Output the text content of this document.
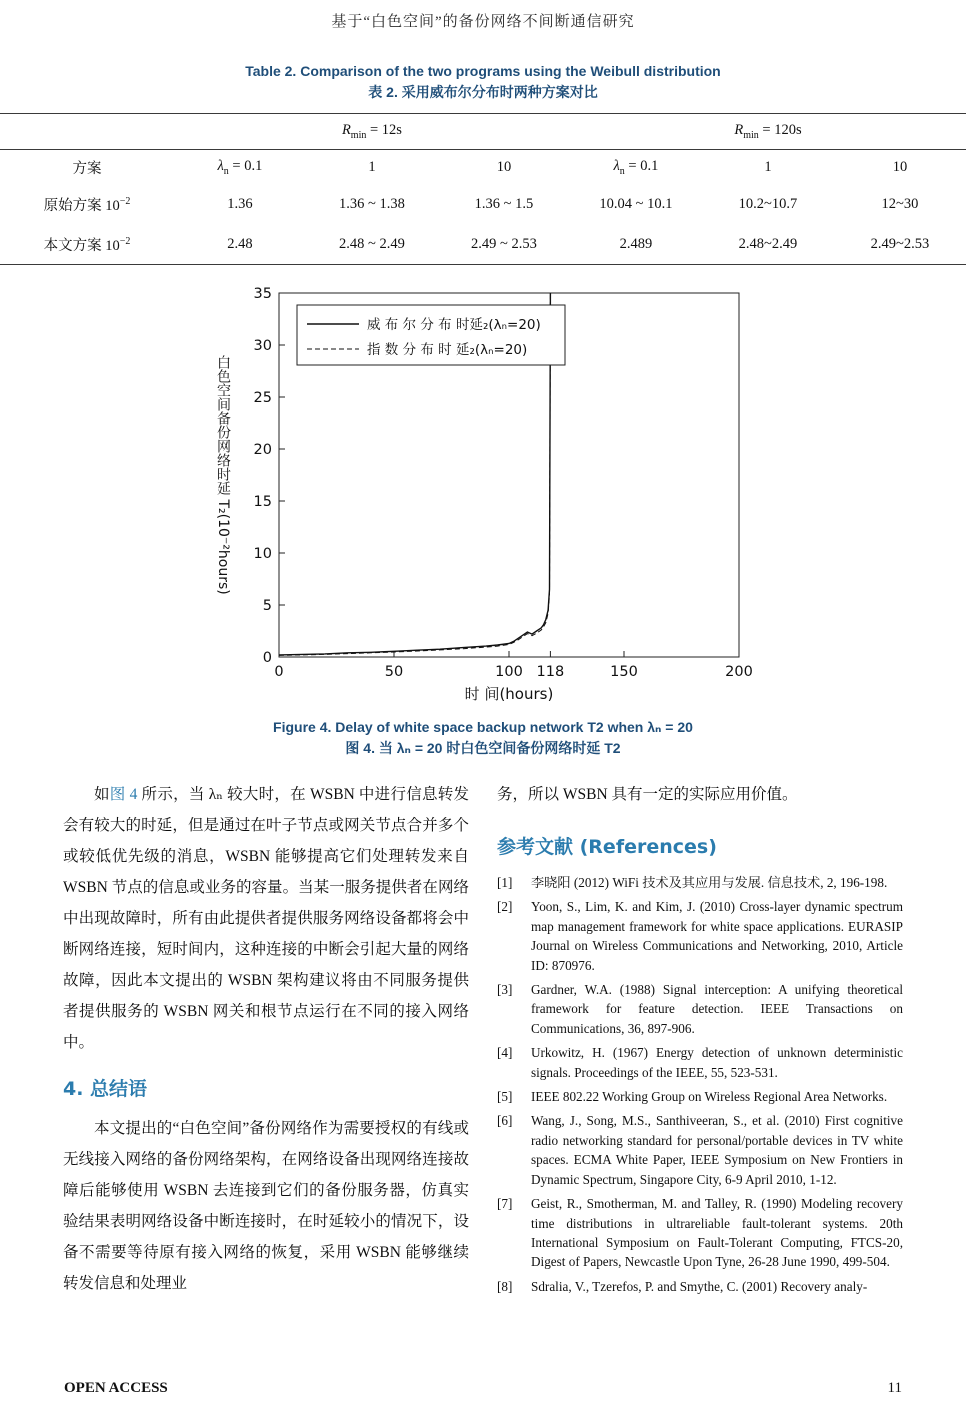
基于“白色空间”的备份网络不间断通信研究
Table 2. Comparison of the two programs using the Weibull distribution
表 2. 采用威布尔分布时两种方案对比
	$R_{min} = 12s$			$R_{min} = 120s$		
方案	$\lambda_n = 0.1$	1	10	$\lambda_n = 0.1$	1	10
原始方案 $10^{-2}$	1.36	1.36 ~ 1.38	1.36 ~ 1.5	10.04 ~ 10.1	10.2~10.7	12~30
本文方案 $10^{-2}$	2.48	2.48 ~ 2.49	2.49 ~ 2.53	2.489	2.48~2.49	2.49~2.53
白色空间备份网络时延 T₂(10⁻²hours)
0
5
10
15
20
25
30
35
0	50	100 118	150	200
时 间(hours)
威 布 尔 分 布 时延₂(λₙ=20)
指 数 分 布 时 延₂(λₙ=20)
Figure 4. Delay of white space backup network T2 when λₙ = 20
图 4. 当 λₙ = 20 时白色空间备份网络时延 T2

如图 4 所示，当 λₙ 较大时，在 WSBN 中进行信息转发会有较大的时延，但是通过在叶子节点或网关节点合并多个或较低优先级的消息，WSBN 能够提高它们处理转发来自 WSBN 节点的信息或业务的容量。当某一服务提供者在网络中出现故障时，所有由此提供者提供服务网络设备都将会中断网络连接，短时间内，这种连接的中断会引起大量的网络故障，因此本文提出的 WSBN 架构建议将由不同服务提供者提供服务的 WSBN 网关和根节点运行在不同的接入网络中。

4. 总结语

本文提出的“白色空间”备份网络作为需要授权的有线或无线接入网络的备份网络架构，在网络设备出现网络连接故障后能够使用 WSBN 去连接到它们的备份服务器，仿真实验结果表明网络设备中断连接时，在时延较小的情况下，设备不需要等待原有接入网络的恢复，采用 WSBN 能够继续转发信息和处理业

务，所以 WSBN 具有一定的实际应用价值。

参考文献 (References)
[1]	李晓阳 (2012) WiFi 技术及其应用与发展. 信息技术, 2, 196-198.
[2]	Yoon, S., Lim, K. and Kim, J. (2010) Cross-layer dynamic spectrum map management framework for white space applications. EURASIP Journal on Wireless Communications and Networking, 2010, Article ID: 870976.
[3]	Gardner, W.A. (1988) Signal interception: A unifying theoretical framework for feature detection. IEEE Transactions on Communications, 36, 897-906.
[4]	Urkowitz, H. (1967) Energy detection of unknown deterministic signals. Proceedings of the IEEE, 55, 523-531.
[5]	IEEE 802.22 Working Group on Wireless Regional Area Networks.
[6]	Wang, J., Song, M.S., Santhiveeran, S., et al. (2010) First cognitive radio networking standard for personal/portable devices in TV white spaces. ECMA White Paper, IEEE Symposium on New Frontiers in Dynamic Spectrum, Singapore City, 6-9 April 2010, 1-12.
[7]	Geist, R., Smotherman, M. and Talley, R. (1990) Modeling recovery time distributions in ultrareliable fault-tolerant systems. 20th International Symposium on Fault-Tolerant Computing, FTCS-20, Digest of Papers, Newcastle Upon Tyne, 26-28 June 1990, 499-504.
[8]	Sdralia, V., Tzerefos, P. and Smythe, C. (2001) Recovery analy-
OPEN ACCESS	11
